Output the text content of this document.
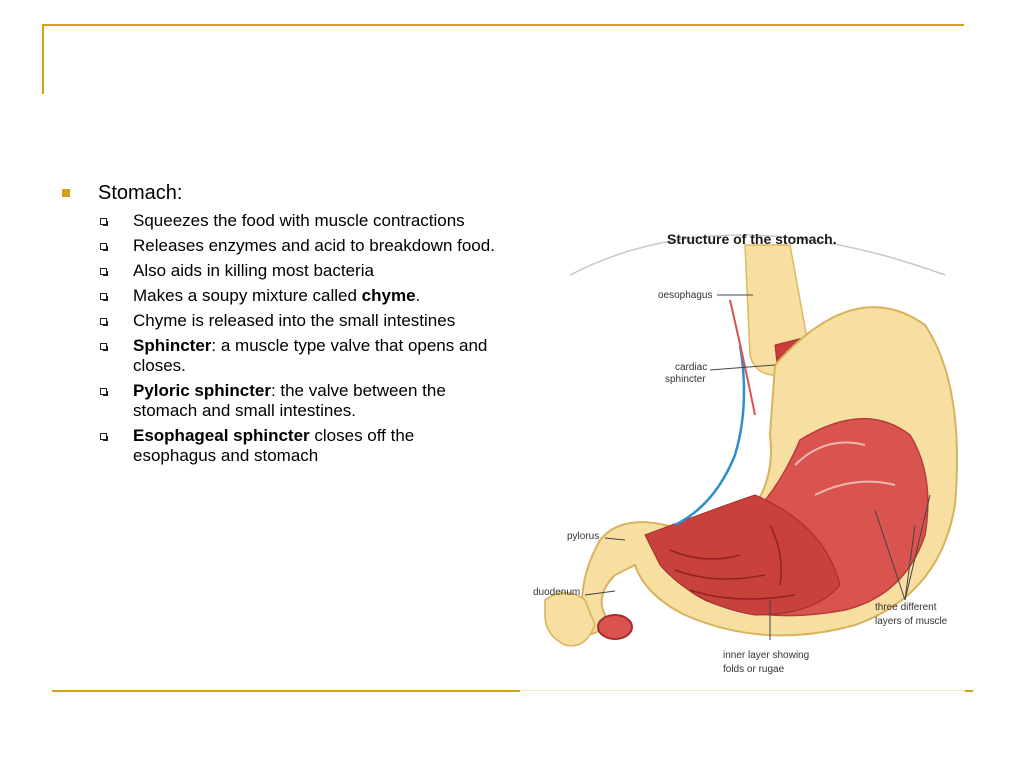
Stomach:
Squeezes the food with muscle contractions
Releases enzymes and acid to breakdown food.
Also aids in killing most bacteria
Makes a soupy mixture called chyme.
Chyme is released into the small intestines
Sphincter: a muscle type valve that opens and closes.
Pyloric sphincter: the valve between the stomach and small intestines.
Esophageal sphincter closes off the esophagus and stomach
Structure of the stomach.
oesophagus
cardiac
sphincter
pylorus
duodenum
three different
layers of muscle
inner layer showing
folds or rugae
